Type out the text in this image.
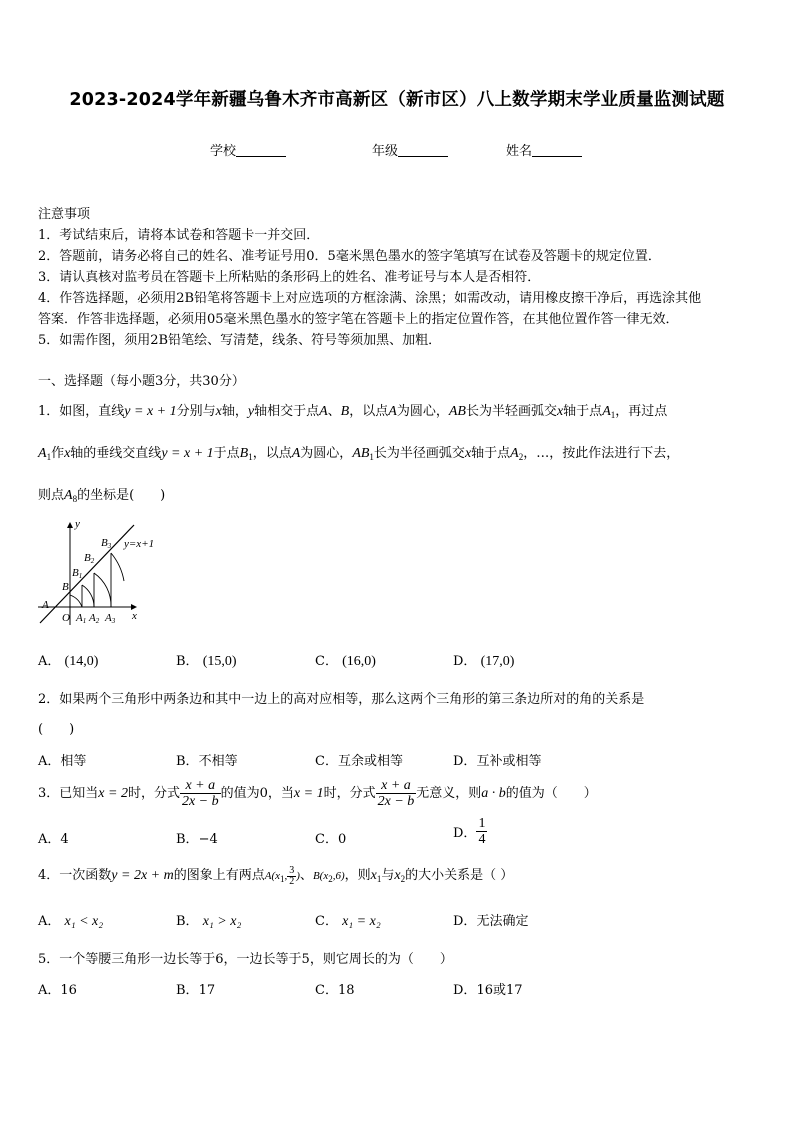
2023-2024学年新疆乌鲁木齐市高新区（新市区）八上数学期末学业质量监测试题
学校	年级	姓名
注意事项
1．考试结束后，请将本试卷和答题卡一并交回．
2．答题前，请务必将自己的姓名、准考证号用0．5毫米黑色墨水的签字笔填写在试卷及答题卡的规定位置．
3．请认真核对监考员在答题卡上所粘贴的条形码上的姓名、准考证号与本人是否相符．
4．作答选择题，必须用2B铅笔将答题卡上对应选项的方框涂满、涂黑；如需改动，请用橡皮擦干净后，再选涂其他
答案．作答非选择题，必须用05毫米黑色墨水的签字笔在答题卡上的指定位置作答，在其他位置作答一律无效．
5．如需作图，须用2B铅笔绘、写清楚，线条、符号等须加黑、加粗．
一、选择题（每小题3分，共30分）
1．如图，直线y = x + 1分别与x轴，y轴相交于点A、B，以点A为圆心，AB长为半轻画弧交x轴于点$A_1$，再过点
$A_1$作x轴的垂线交直线y = x + 1于点$B_1$，以点A为圆心，$AB_1$长为半径画弧交x轴于点$A_2$，…，按此作法进行下去，
则点$A_8$的坐标是(　　)
y
x
y=x+1
O
A
B
B1
B2
B3
A1 A2 A3
A． (14,0)	B． (15,0)	C． (16,0)	D． (17,0)
2．如果两个三角形中两条边和其中一边上的高对应相等，那么这两个三角形的第三条边所对的角的关系是
(　　)
A．相等	B．不相等	C．互余或相等	D．互补或相等
3．已知当x = 2时，分式 $\frac{x + a}{2x - b}$ 的值为0，当x = 1时，分式 $\frac{x + a}{2x - b}$ 无意义，则a · b的值为（　　）
A．4	B．−4	C．0	D． $\frac{1}{4}$
4．一次函数y = 2x + m的图象上有两点$A(x_1$, $\frac{3}{2}$ )、$B(x_2,6)$，则$x_1$与$x_2$的大小关系是（ ）
A． x₁ < x₂	B． x₁ > x₂	C． x₁ = x₂	D．无法确定
5．一个等腰三角形一边长等于6，一边长等于5，则它周长的为（　　）
A．16	B．17	C．18	D．16或17
